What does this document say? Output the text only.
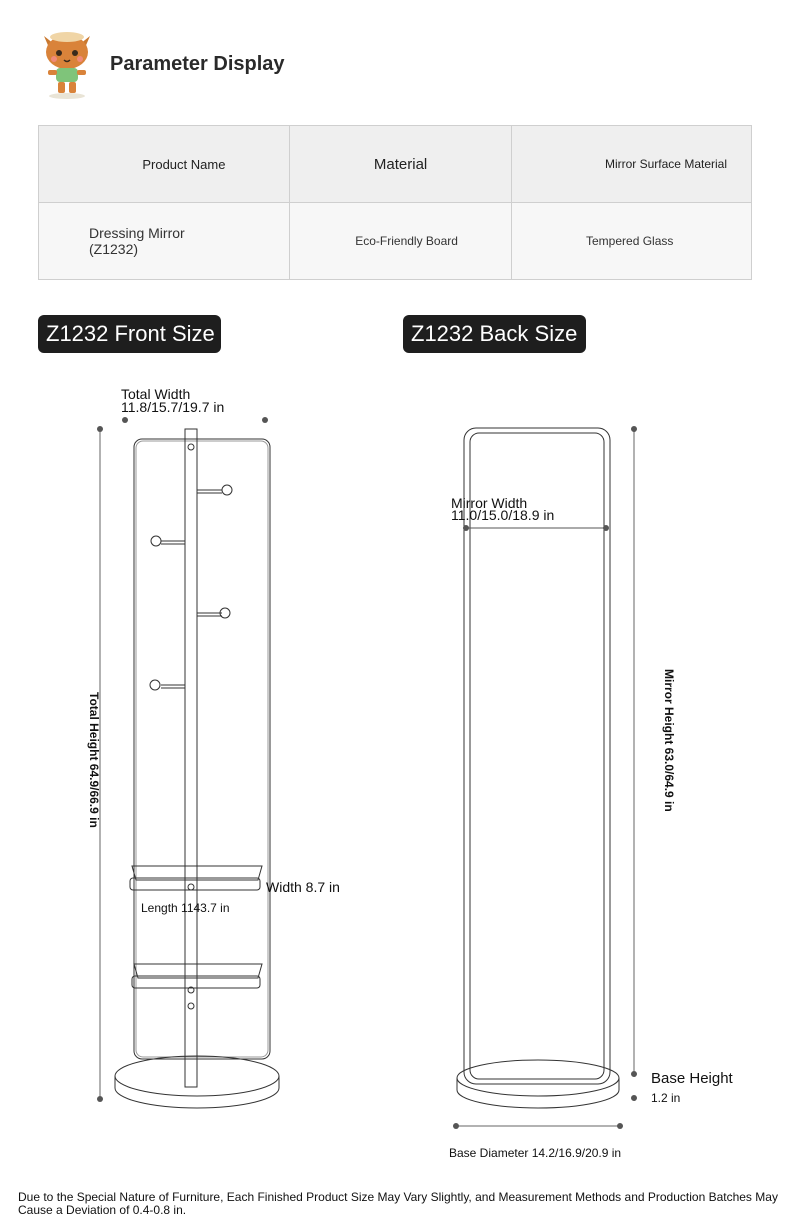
Parameter Display
Product Name	Material	Mirror Surface Material

Dressing Mirror
(Z1232)	Eco-Friendly Board	Tempered Glass
Z1232 Front Size	Z1232 Back Size
Total Width
11.8/15.7/19.7 in
Total Height 64.9/66.9 in
Width 8.7 in
Length 1143.7 in
Mirror Width
11.0/15.0/18.9 in
Mirror Height 63.0/64.9 in
Base Height
1.2 in
Base Diameter 14.2/16.9/20.9 in
Due to the Special Nature of Furniture, Each Finished Product Size May Vary Slightly, and Measurement Methods and Production Batches May Cause a Deviation of 0.4-0.8 in.
